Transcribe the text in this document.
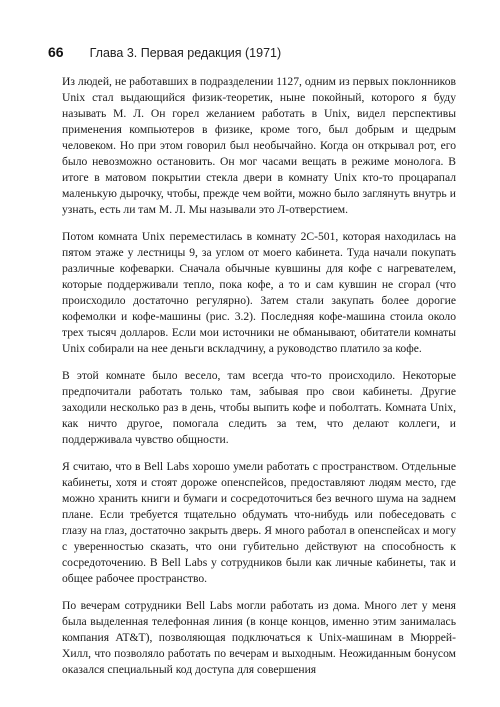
66 Глава 3. Первая редакция (1971)

Из людей, не работавших в подразделении 1127, одним из первых поклонников Unix стал выдающийся физик-теоретик, ныне покойный, которого я буду называть М. Л. Он горел желанием работать в Unix, видел перспективы применения компьютеров в физике, кроме того, был добрым и щедрым человеком. Но при этом говорил был необычайно. Когда он открывал рот, его было невозможно остановить. Он мог часами вещать в режиме монолога. В итоге в матовом покрытии стекла двери в комнату Unix кто-то процарапал маленькую дырочку, чтобы, прежде чем войти, можно было заглянуть внутрь и узнать, есть ли там М. Л. Мы называли это Л-отверстием.

Потом комната Unix переместилась в комнату 2С-501, которая находилась на пятом этаже у лестницы 9, за углом от моего кабинета. Туда начали покупать различные кофеварки. Сначала обычные кувшины для кофе с нагревателем, которые поддерживали тепло, пока кофе, а то и сам кувшин не сгорал (что происходило достаточно регулярно). Затем стали закупать более дорогие кофемолки и кофе-машины (рис. 3.2). Последняя кофе-машина стоила около трех тысяч долларов. Если мои источники не обманывают, обитатели комнаты Unix собирали на нее деньги вскладчину, а руководство платило за кофе.

В этой комнате было весело, там всегда что-то происходило. Некоторые предпочитали работать только там, забывая про свои кабинеты. Другие заходили несколько раз в день, чтобы выпить кофе и поболтать. Комната Unix, как ничто другое, помогала следить за тем, что делают коллеги, и поддерживала чувство общности.

Я считаю, что в Bell Labs хорошо умели работать с пространством. Отдельные кабинеты, хотя и стоят дороже опенспейсов, предоставляют людям место, где можно хранить книги и бумаги и сосредоточиться без вечного шума на заднем плане. Если требуется тщательно обдумать что-нибудь или побеседовать с глазу на глаз, достаточно закрыть дверь. Я много работал в опенспейсах и могу с уверенностью сказать, что они губительно действуют на способность к сосредоточению. В Bell Labs у сотрудников были как личные кабинеты, так и общее рабочее пространство.

По вечерам сотрудники Bell Labs могли работать из дома. Много лет у меня была выделенная телефонная линия (в конце концов, именно этим занималась компания AT&T), позволяющая подключаться к Unix-машинам в Мюррей-Хилл, что позволяло работать по вечерам и выходным. Неожиданным бонусом оказался специальный код доступа для совершения
